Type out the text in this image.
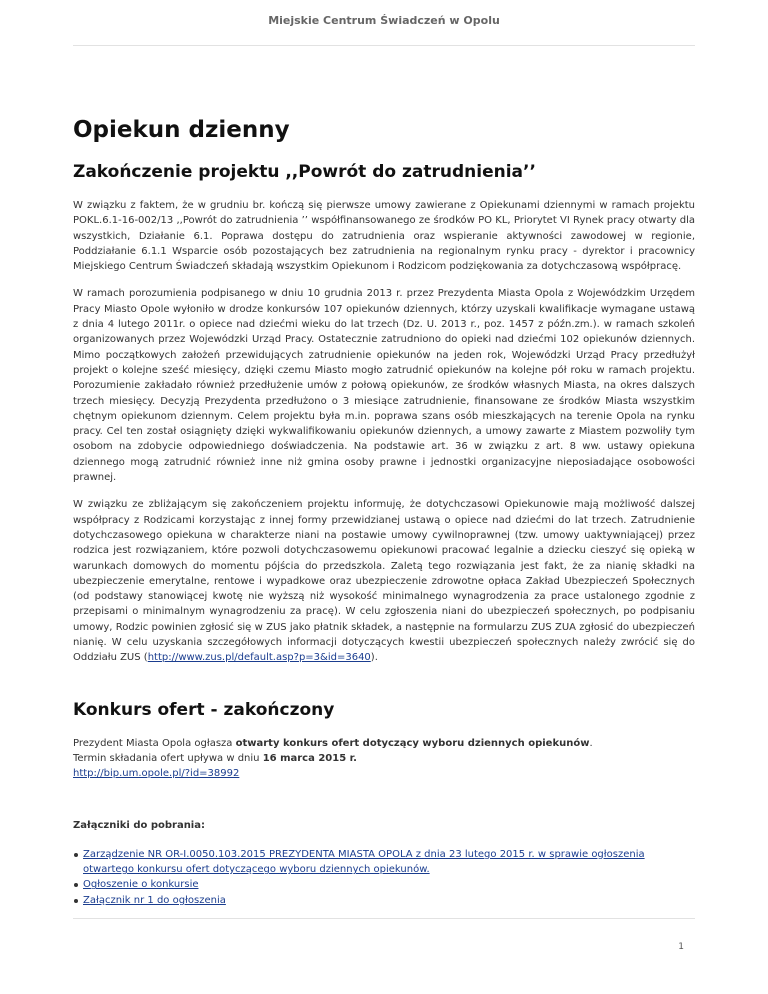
Miejskie Centrum Świadczeń w Opolu
Opiekun dzienny
Zakończenie projektu ,,Powrót do zatrudnienia’’

W związku z faktem, że w grudniu br. kończą się pierwsze umowy zawierane z Opiekunami dziennymi w ramach projektu POKL.6.1-16-002/13 ,,Powrót do zatrudnienia ’’ współfinansowanego ze środków PO KL, Priorytet VI Rynek pracy otwarty dla wszystkich, Działanie 6.1. Poprawa dostępu do zatrudnienia oraz wspieranie aktywności zawodowej w regionie, Poddziałanie 6.1.1 Wsparcie osób pozostających bez zatrudnienia na regionalnym rynku pracy - dyrektor i pracownicy Miejskiego Centrum Świadczeń składają wszystkim Opiekunom i Rodzicom podziękowania za dotychczasową współpracę.

W ramach porozumienia podpisanego w dniu 10 grudnia 2013 r. przez Prezydenta Miasta Opola z Wojewódzkim Urzędem Pracy Miasto Opole wyłoniło w drodze konkursów 107 opiekunów dziennych, którzy uzyskali kwalifikacje wymagane ustawą z dnia 4 lutego 2011r. o opiece nad dziećmi wieku do lat trzech (Dz. U. 2013 r., poz. 1457 z późn.zm.). w ramach szkoleń organizowanych przez Wojewódzki Urząd Pracy. Ostatecznie zatrudniono do opieki nad dziećmi 102 opiekunów dziennych. Mimo początkowych założeń przewidujących zatrudnienie opiekunów na jeden rok, Wojewódzki Urząd Pracy przedłużył projekt o kolejne sześć miesięcy, dzięki czemu Miasto mogło zatrudnić opiekunów na kolejne pół roku w ramach projektu. Porozumienie zakładało również przedłużenie umów z połową opiekunów, ze środków własnych Miasta, na okres dalszych trzech miesięcy. Decyzją Prezydenta przedłużono o 3 miesiące zatrudnienie, finansowane ze środków Miasta wszystkim chętnym opiekunom dziennym. Celem projektu była m.in. poprawa szans osób mieszkających na terenie Opola na rynku pracy. Cel ten został osiągnięty dzięki wykwalifikowaniu opiekunów dziennych, a umowy zawarte z Miastem pozwoliły tym osobom na zdobycie odpowiedniego doświadczenia. Na podstawie art. 36 w związku z art. 8 ww. ustawy opiekuna dziennego mogą zatrudnić również inne niż gmina osoby prawne i jednostki organizacyjne nieposiadające osobowości prawnej.

W związku ze zbliżającym się zakończeniem projektu informuję, że dotychczasowi Opiekunowie mają możliwość dalszej współpracy z Rodzicami korzystając z innej formy przewidzianej ustawą o opiece nad dziećmi do lat trzech. Zatrudnienie dotychczasowego opiekuna w charakterze niani na postawie umowy cywilnoprawnej (tzw. umowy uaktywniającej) przez rodzica jest rozwiązaniem, które pozwoli dotychczasowemu opiekunowi pracować legalnie a dziecku cieszyć się opieką w warunkach domowych do momentu pójścia do przedszkola. Zaletą tego rozwiązania jest fakt, że za nianię składki na ubezpieczenie emerytalne, rentowe i wypadkowe oraz ubezpieczenie zdrowotne opłaca Zakład Ubezpieczeń Społecznych (od podstawy stanowiącej kwotę nie wyższą niż wysokość minimalnego wynagrodzenia za prace ustalonego zgodnie z przepisami o minimalnym wynagrodzeniu za pracę). W celu zgłoszenia niani do ubezpieczeń społecznych, po podpisaniu umowy, Rodzic powinien zgłosić się w ZUS jako płatnik składek, a następnie na formularzu ZUS ZUA zgłosić do ubezpieczeń nianię. W celu uzyskania szczegółowych informacji dotyczących kwestii ubezpieczeń społecznych należy zwrócić się do Oddziału ZUS (http://www.zus.pl/default.asp?p=3&id=3640).

Konkurs ofert - zakończony

Prezydent Miasta Opola ogłasza otwarty konkurs ofert dotyczący wyboru dziennych opiekunów.
Termin składania ofert upływa w dniu 16 marca 2015 r.
http://bip.um.opole.pl/?id=38992

Załączniki do pobrania:

Zarządzenie NR OR-I.0050.103.2015 PREZYDENTA MIASTA OPOLA z dnia 23 lutego 2015 r. w sprawie ogłoszenia otwartego konkursu ofert dotyczącego wyboru dziennych opiekunów.
Ogłoszenie o konkursie
Załącznik nr 1 do ogłoszenia
1
